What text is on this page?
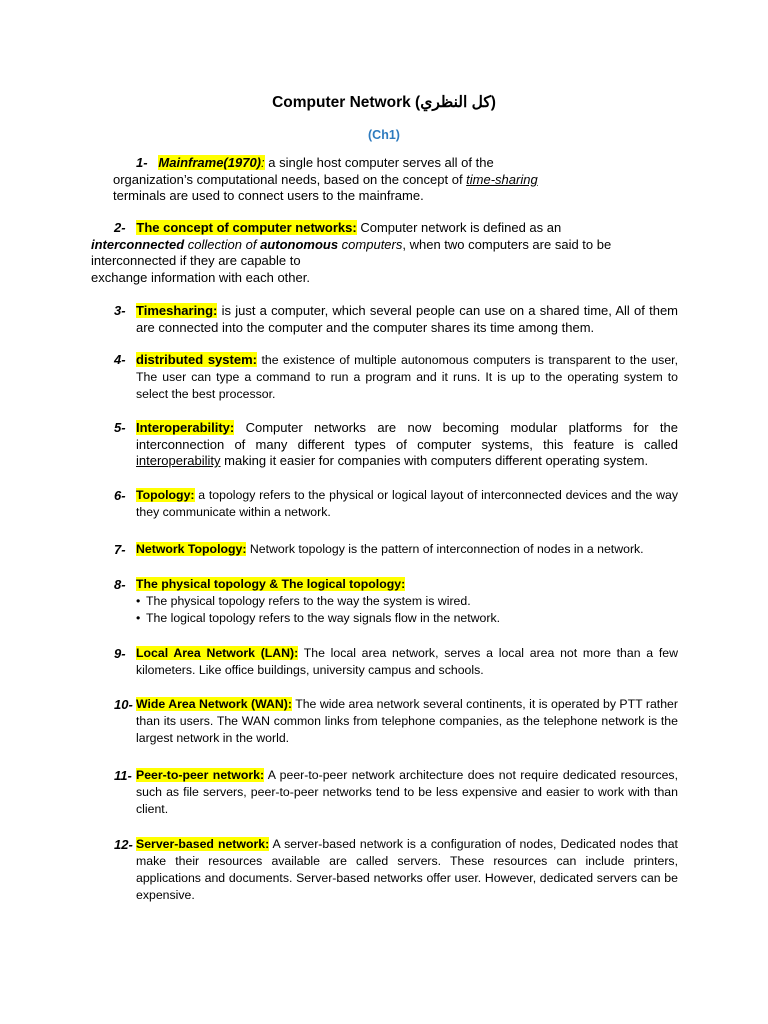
Computer Network (كل النظري)
(Ch1)
1- Mainframe(1970): a single host computer serves all of the
organization’s computational needs, based on the concept of time-sharing
terminals are used to connect users to the mainframe.
2- The concept of computer networks: Computer network is defined as an
interconnected collection of autonomous computers, when two computers are said to be
interconnected if they are capable to
exchange information with each other.
3- Timesharing: is just a computer, which several people can use on a shared time, All of them are connected into the computer and the computer shares its time among them.
4- distributed system: the existence of multiple autonomous computers is transparent to the user, The user can type a command to run a program and it runs. It is up to the operating system to select the best processor.
5- Interoperability: Computer networks are now becoming modular platforms for the interconnection of many different types of computer systems, this feature is called interoperability making it easier for companies with computers different operating system.
6- Topology: a topology refers to the physical or logical layout of interconnected devices and the way they communicate within a network.
7- Network Topology: Network topology is the pattern of interconnection of nodes in a network.
8- The physical topology & The logical topology:
• The physical topology refers to the way the system is wired.
• The logical topology refers to the way signals flow in the network.
9- Local Area Network (LAN): The local area network, serves a local area not more than a few kilometers. Like office buildings, university campus and schools.
10- Wide Area Network (WAN): The wide area network several continents, it is operated by PTT rather than its users. The WAN common links from telephone companies, as the telephone network is the largest network in the world.
11- Peer-to-peer network: A peer-to-peer network architecture does not require dedicated resources, such as file servers, peer-to-peer networks tend to be less expensive and easier to work with than client.
12- Server-based network: A server-based network is a configuration of nodes, Dedicated nodes that make their resources available are called servers. These resources can include printers, applications and documents. Server-based networks offer user. However, dedicated servers can be expensive.
